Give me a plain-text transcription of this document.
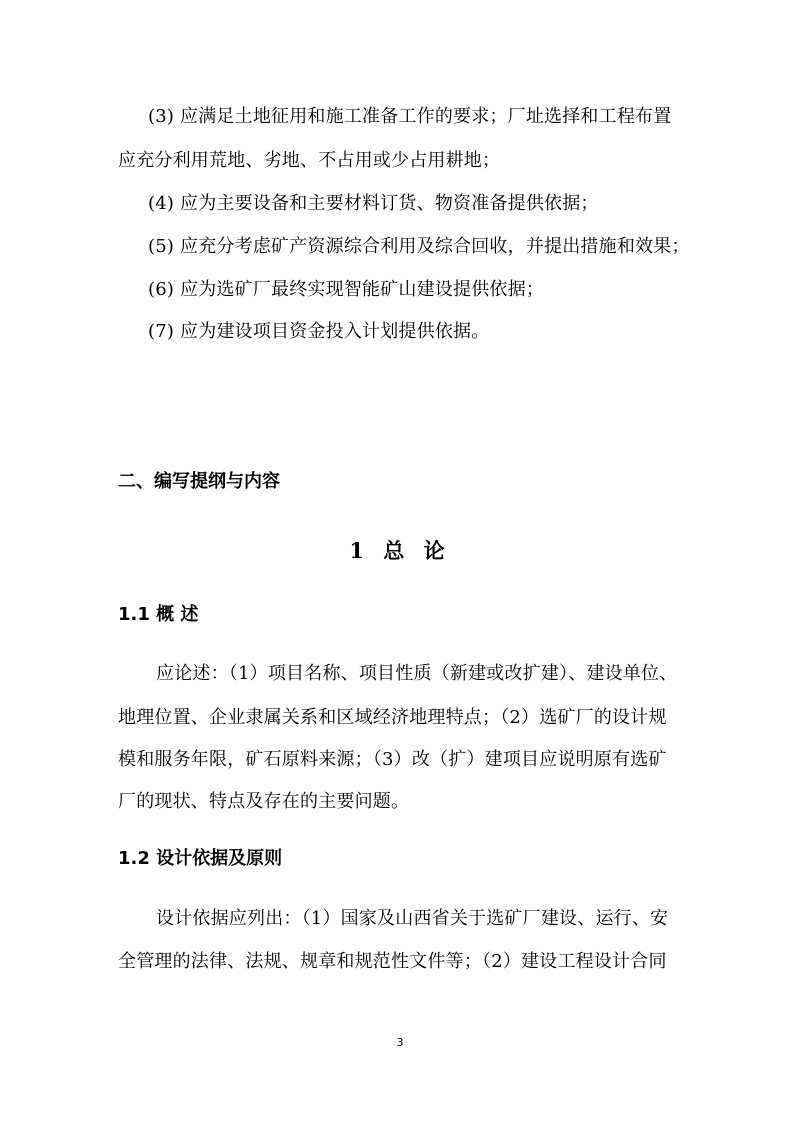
(3) 应满足土地征用和施工准备工作的要求；厂址选择和工程布置
应充分利用荒地、劣地、不占用或少占用耕地；
(4) 应为主要设备和主要材料订货、物资准备提供依据；
(5) 应充分考虑矿产资源综合利用及综合回收，并提出措施和效果；
(6) 应为选矿厂最终实现智能矿山建设提供依据；
(7) 应为建设项目资金投入计划提供依据。
二、编写提纲与内容
1 总 论
1.1 概 述
应论述：（1）项目名称、项目性质（新建或改扩建）、建设单位、
地理位置、企业隶属关系和区域经济地理特点；（2）选矿厂的设计规
模和服务年限，矿石原料来源；（3）改（扩）建项目应说明原有选矿
厂的现状、特点及存在的主要问题。
1.2 设计依据及原则
设计依据应列出：（1）国家及山西省关于选矿厂建设、运行、安
全管理的法律、法规、规章和规范性文件等；（2）建设工程设计合同
3
